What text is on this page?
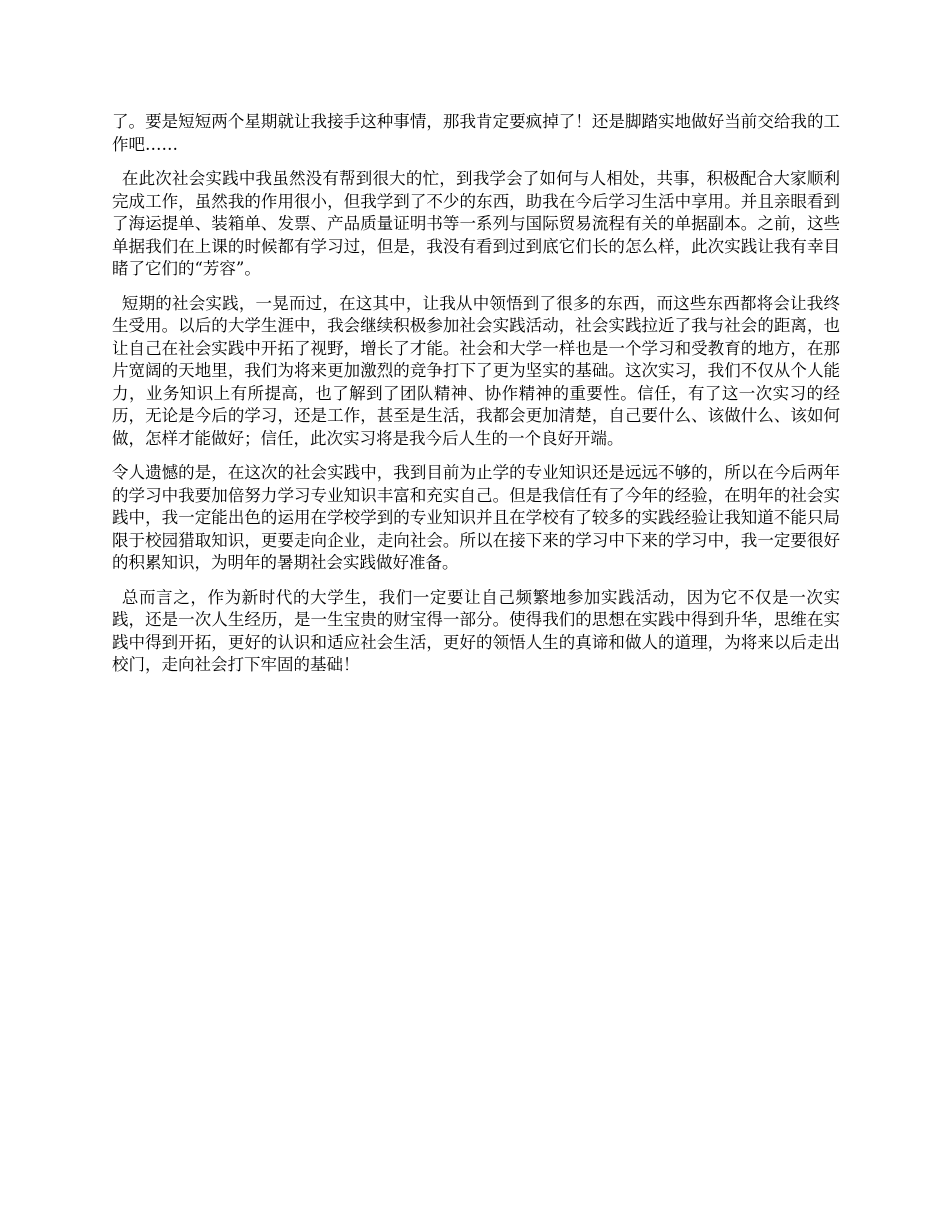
了。要是短短两个星期就让我接手这种事情，那我肯定要疯掉了！还是脚踏实地做好当前交给我的工作吧……

在此次社会实践中我虽然没有帮到很大的忙，到我学会了如何与人相处，共事，积极配合大家顺利完成工作，虽然我的作用很小，但我学到了不少的东西，助我在今后学习生活中享用。并且亲眼看到了海运提单、装箱单、发票、产品质量证明书等一系列与国际贸易流程有关的单据副本。之前，这些单据我们在上课的时候都有学习过，但是，我没有看到过到底它们长的怎么样，此次实践让我有幸目睹了它们的“芳容”。

短期的社会实践，一晃而过，在这其中，让我从中领悟到了很多的东西，而这些东西都将会让我终生受用。以后的大学生涯中，我会继续积极参加社会实践活动，社会实践拉近了我与社会的距离，也让自己在社会实践中开拓了视野，增长了才能。社会和大学一样也是一个学习和受教育的地方，在那片宽阔的天地里，我们为将来更加激烈的竞争打下了更为坚实的基础。这次实习，我们不仅从个人能力，业务知识上有所提高，也了解到了团队精神、协作精神的重要性。信任，有了这一次实习的经历，无论是今后的学习，还是工作，甚至是生活，我都会更加清楚，自己要什么、该做什么、该如何做，怎样才能做好；信任，此次实习将是我今后人生的一个良好开端。

令人遗憾的是，在这次的社会实践中，我到目前为止学的专业知识还是远远不够的，所以在今后两年的学习中我要加倍努力学习专业知识丰富和充实自己。但是我信任有了今年的经验，在明年的社会实践中，我一定能出色的运用在学校学到的专业知识并且在学校有了较多的实践经验让我知道不能只局限于校园猎取知识，更要走向企业，走向社会。所以在接下来的学习中下来的学习中，我一定要很好的积累知识，为明年的暑期社会实践做好准备。

总而言之，作为新时代的大学生，我们一定要让自己频繁地参加实践活动，因为它不仅是一次实践，还是一次人生经历，是一生宝贵的财宝得一部分。使得我们的思想在实践中得到升华，思维在实践中得到开拓，更好的认识和适应社会生活，更好的领悟人生的真谛和做人的道理，为将来以后走出校门，走向社会打下牢固的基础！
